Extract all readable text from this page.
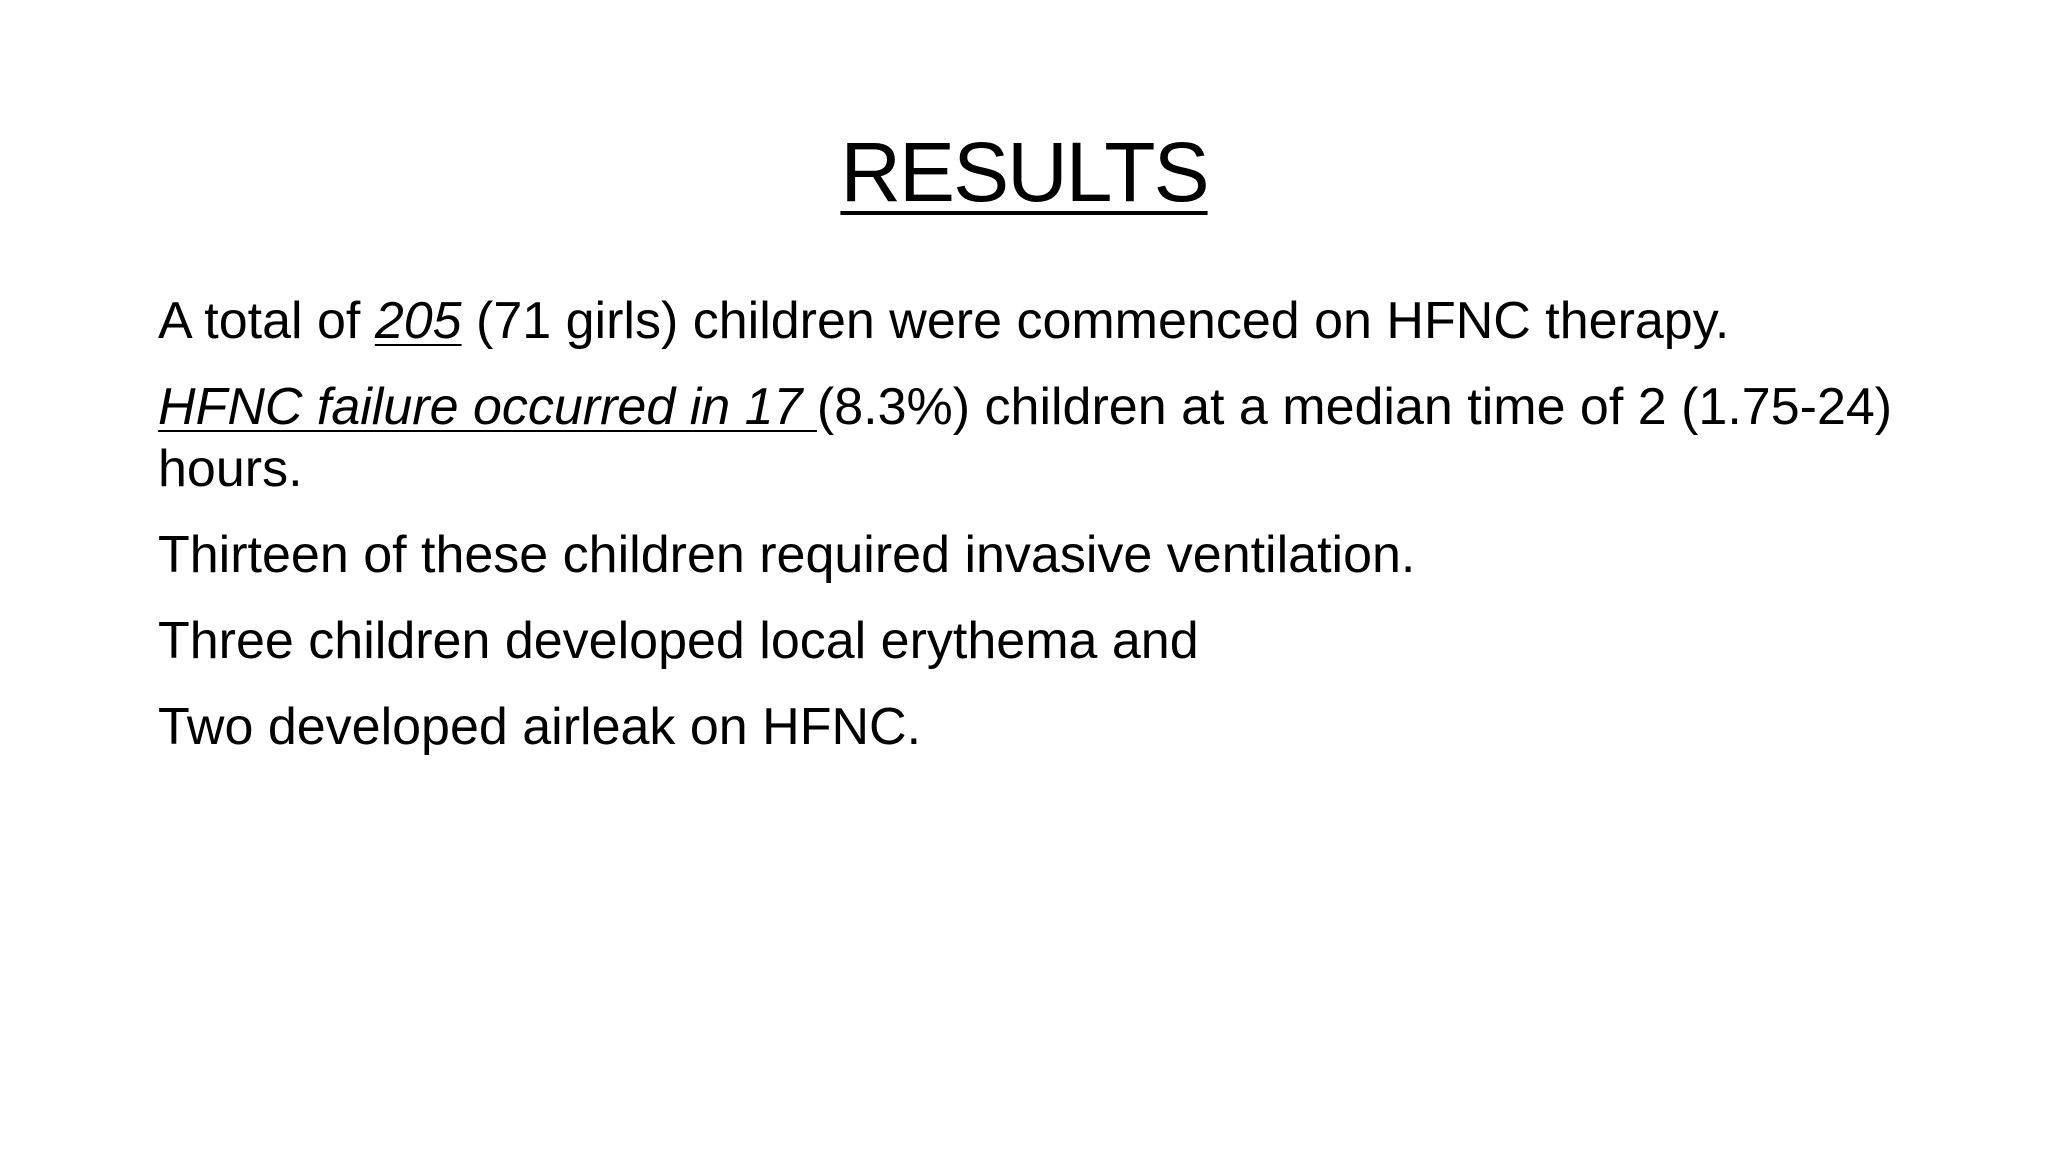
RESULTS

A total of 205 (71 girls) children were commenced on HFNC therapy.

HFNC failure occurred in 17 (8.3%) children at a median time of 2 (1.75-24) hours.

Thirteen of these children required invasive ventilation.

Three children developed local erythema and

Two developed airleak on HFNC.
